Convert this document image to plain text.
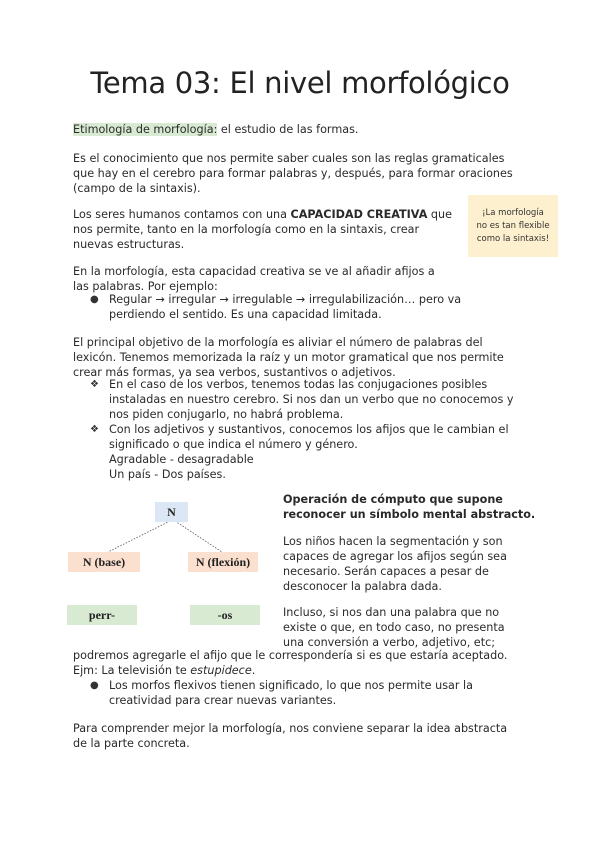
Tema 03: El nivel morfológico
Etimología de morfología: el estudio de las formas.
Es el conocimiento que nos permite saber cuales son las reglas gramaticales
que hay en el cerebro para formar palabras y, después, para formar oraciones
(campo de la sintaxis).
Los seres humanos contamos con una CAPACIDAD CREATIVA que
nos permite, tanto en la morfología como en la sintaxis, crear
nuevas estructuras.
¡La morfología
no es tan flexible
como la sintaxis!
En la morfología, esta capacidad creativa se ve al añadir afijos a
las palabras. Por ejemplo:
● Regular → irregular → irregulable → irregulabilización… pero va
perdiendo el sentido. Es una capacidad limitada.
El principal objetivo de la morfología es aliviar el número de palabras del
lexicón. Tenemos memorizada la raíz y un motor gramatical que nos permite
crear más formas, ya sea verbos, sustantivos o adjetivos.
❖ En el caso de los verbos, tenemos todas las conjugaciones posibles
instaladas en nuestro cerebro. Si nos dan un verbo que no conocemos y
nos piden conjugarlo, no habrá problema.
❖ Con los adjetivos y sustantivos, conocemos los afijos que le cambian el
significado o que indica el número y género.
Agradable - desagradable
Un país - Dos países.
N
N (base)	N (flexión)
perr-	-os
Operación de cómputo que supone
reconocer un símbolo mental abstracto.
Los niños hacen la segmentación y son
capaces de agregar los afijos según sea
necesario. Serán capaces a pesar de
desconocer la palabra dada.
Incluso, si nos dan una palabra que no
existe o que, en todo caso, no presenta
una conversión a verbo, adjetivo, etc;
podremos agregarle el afijo que le correspondería si es que estaría aceptado.
Ejm: La televisión te estupidece.
● Los morfos flexivos tienen significado, lo que nos permite usar la
creatividad para crear nuevas variantes.
Para comprender mejor la morfología, nos conviene separar la idea abstracta
de la parte concreta.
